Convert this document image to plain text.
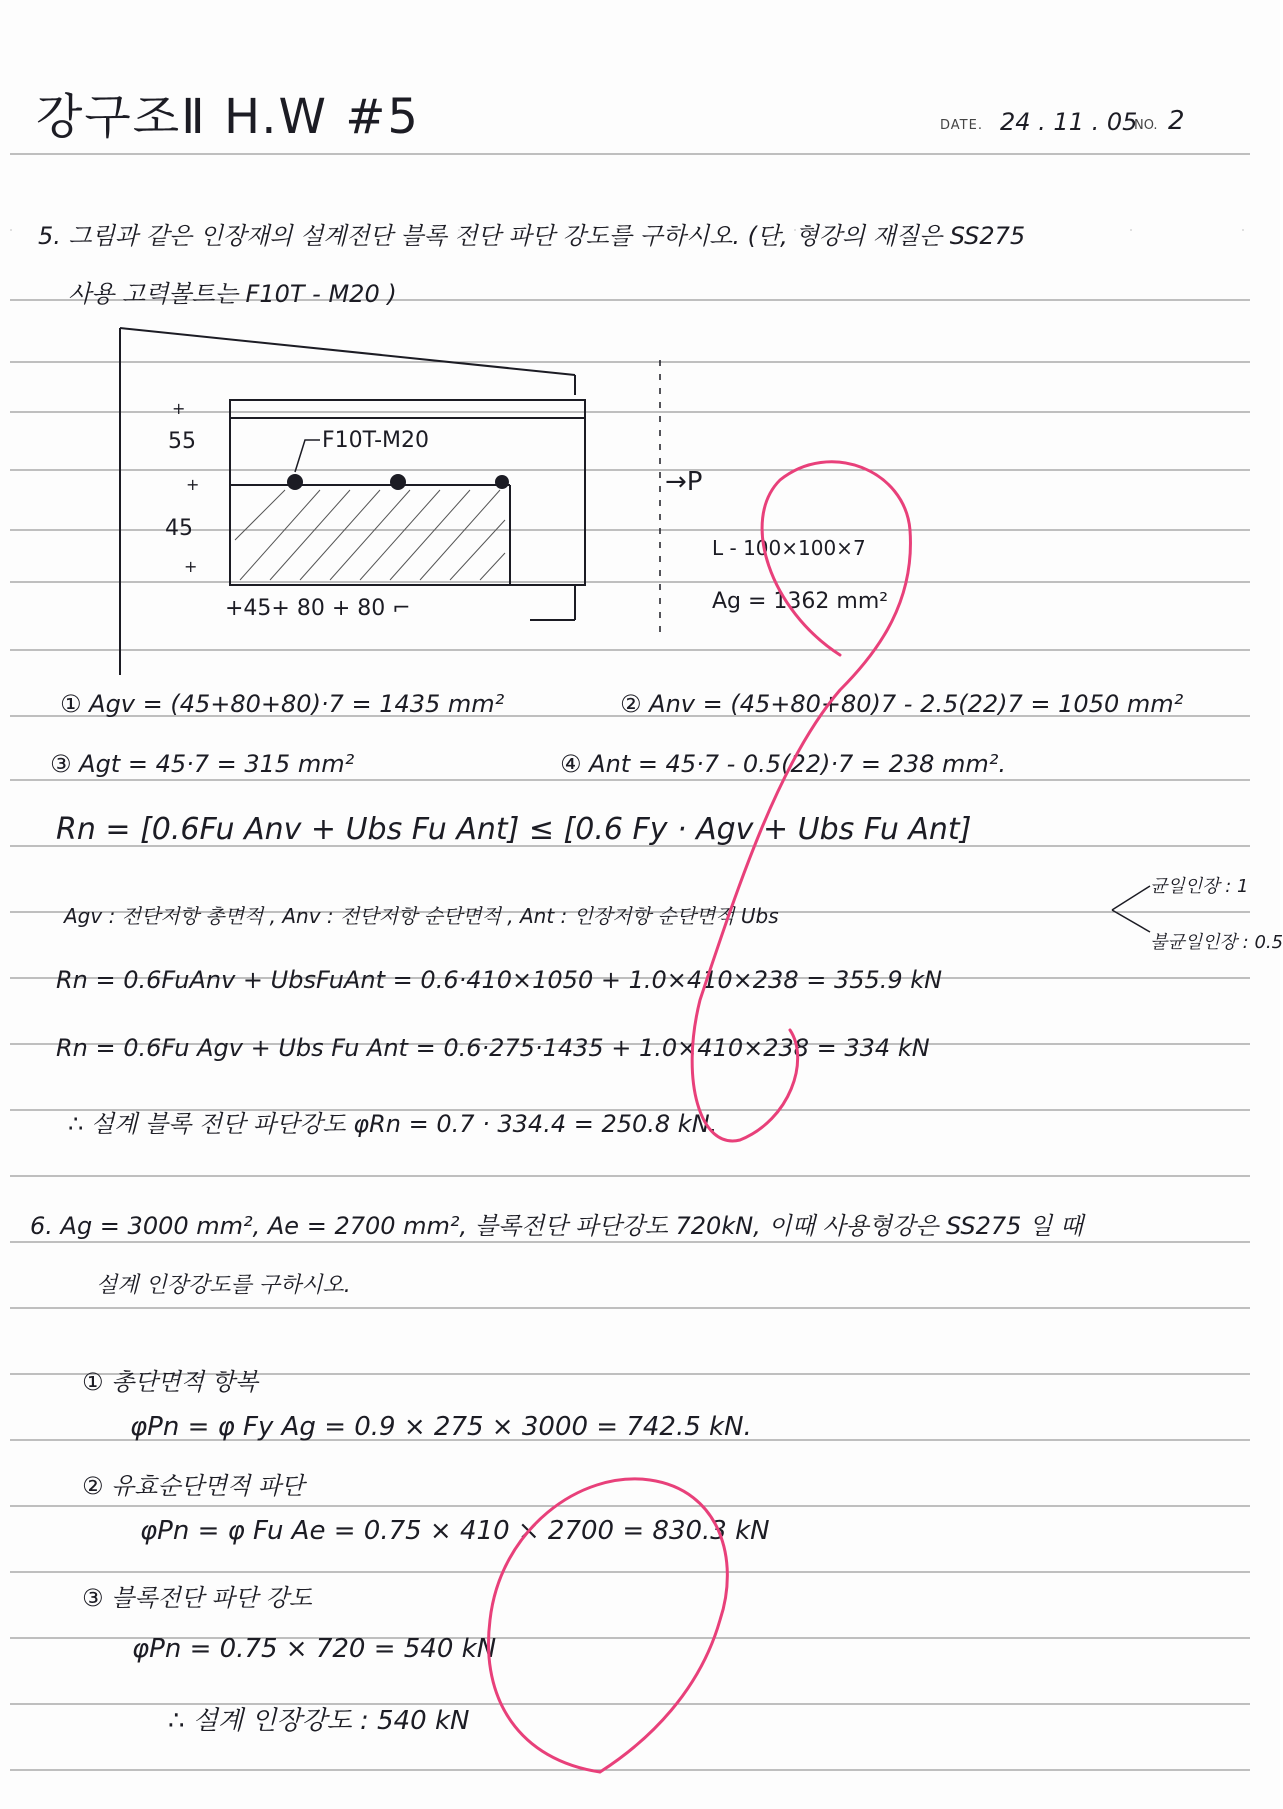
강구조Ⅱ H.W #5	DATE. 24 . 11 . 05
NO. 2
5. 그림과 같은 인장재의 설계전단 블록 전단 파단 강도를 구하시오. (단, 형강의 재질은 SS275
사용 고력볼트는 F10T - M20 )
F10T-M20
55
45
+
+
+
+45+ 80 + 80 ⌐
→P
L - 100×100×7
Ag = 1362 mm²
① Agv = (45+80+80)·7 = 1435 mm²	② Anv = (45+80+80)7 - 2.5(22)7 = 1050 mm²
③ Agt = 45·7 = 315 mm²	④ Ant = 45·7 - 0.5(22)·7 = 238 mm².
Rn = [0.6Fu Anv + Ubs Fu Ant] ≤ [0.6 Fy · Agv + Ubs Fu Ant]
Agv : 전단저항 총면적 , Anv : 전단저항 순단면적 , Ant : 인장저항 순단면적 Ubs
균일인장 : 1
불균일인장 : 0.5
Rn = 0.6FuAnv + UbsFuAnt = 0.6·410×1050 + 1.0×410×238 = 355.9 kN
Rn = 0.6Fu Agv + Ubs Fu Ant = 0.6·275·1435 + 1.0×410×238 = 334 kN
∴ 설계 블록 전단 파단강도 φRn = 0.7 · 334.4 = 250.8 kN.
6. Ag = 3000 mm², Ae = 2700 mm², 블록전단 파단강도 720kN, 이때 사용형강은 SS275 일 때
설계 인장강도를 구하시오.
① 총단면적 항복
φPn = φ Fy Ag = 0.9 × 275 × 3000 = 742.5 kN.
② 유효순단면적 파단
φPn = φ Fu Ae = 0.75 × 410 × 2700 = 830.3 kN
③ 블록전단 파단 강도
φPn = 0.75 × 720 = 540 kN
∴ 설계 인장강도 : 540 kN
